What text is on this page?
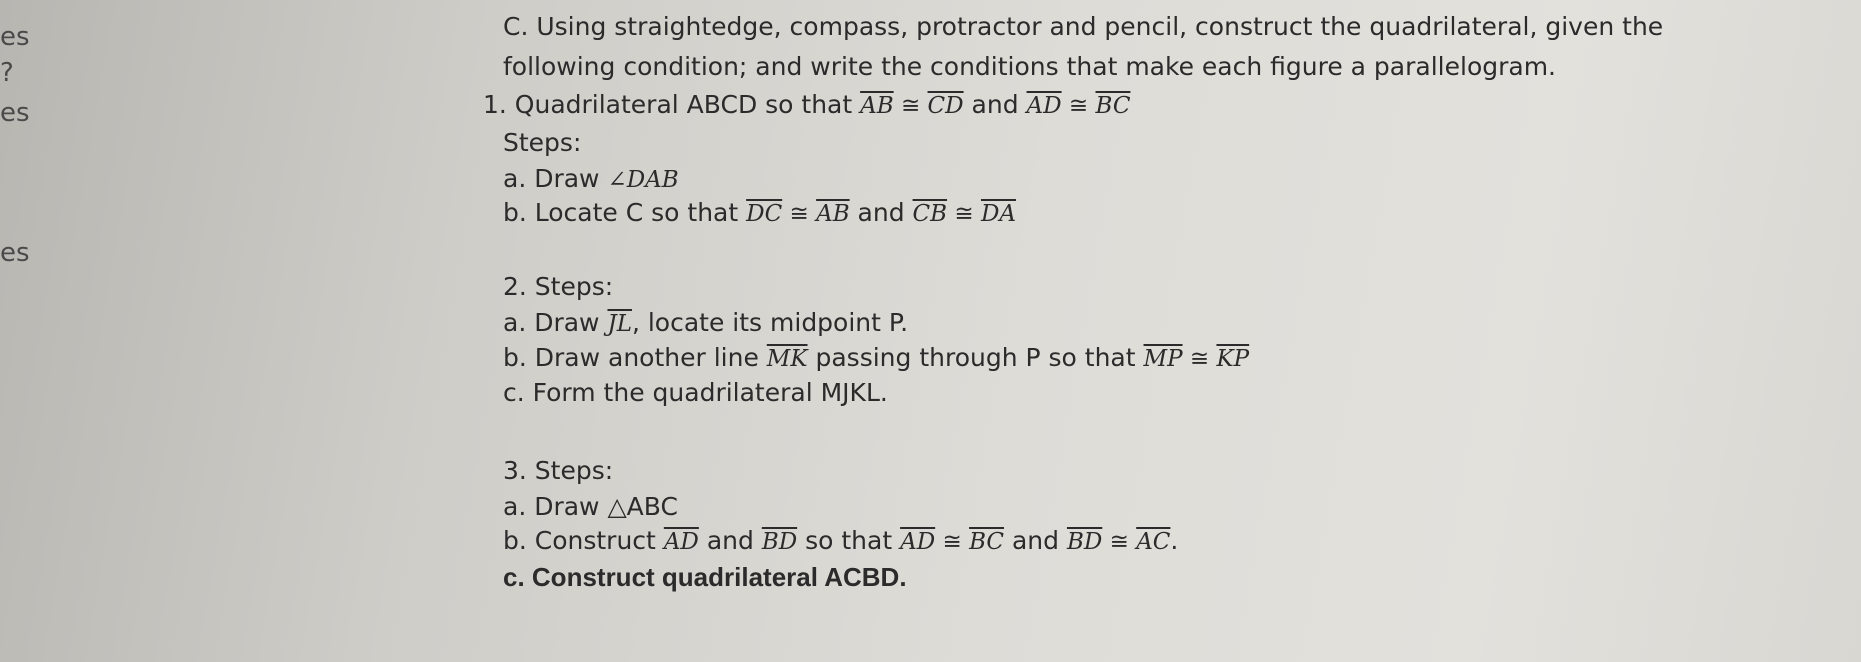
es
?
es
es
C. Using straightedge, compass, protractor and pencil, construct the quadrilateral, given the
following condition; and write the conditions that make each figure a parallelogram.
1. Quadrilateral ABCD so that $\overline{AB}$ ≅ $\overline{CD}$ and $\overline{AD}$ ≅ $\overline{BC}$
Steps:
a. Draw ∠DAB
b. Locate C so that $\overline{DC}$ ≅ $\overline{AB}$ and $\overline{CB}$ ≅ $\overline{DA}$
2. Steps:
a. Draw $\overline{JL}$, locate its midpoint P.
b. Draw another line $\overline{MK}$ passing through P so that $\overline{MP}$ ≅ $\overline{KP}$
c. Form the quadrilateral MJKL.
3. Steps:
a. Draw △ABC
b. Construct $\overline{AD}$ and $\overline{BD}$ so that $\overline{AD}$ ≅ $\overline{BC}$ and $\overline{BD}$ ≅ $\overline{AC}$.
c. Construct quadrilateral ACBD.
